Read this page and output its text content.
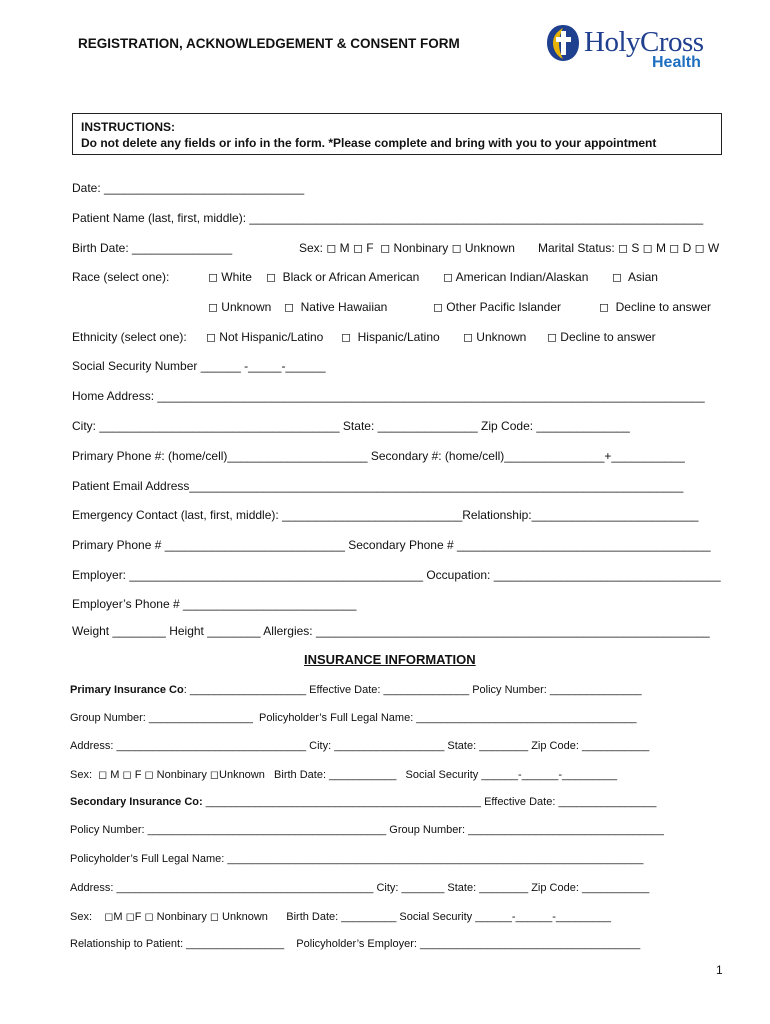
REGISTRATION, ACKNOWLEDGEMENT & CONSENT FORM

	HolyCross

Health

INSTRUCTIONS:
Do not delete any fields or info in the form. *Please complete and bring with you to your appointment
Date: ______________________________
Patient Name (last, first, middle): ____________________________________________________________________
Birth Date: _______________	Sex: ◻ M ◻ F  ◻ Nonbinary ◻ Unknown Marital Status: ◻ S ◻ M ◻ D ◻ W
Race (select one):	◻ White ◻  Black or African American ◻ American Indian/Alaskan ◻  Asian
◻ Unknown ◻  Native Hawaiian	◻ Other Pacific Islander	◻  Decline to answer
Ethnicity (select one): ◻ Not Hispanic/Latino ◻  Hispanic/Latino ◻ Unknown ◻ Decline to answer
Social Security Number ______ -_____-______
Home Address: __________________________________________________________________________________
City: ____________________________________ State: _______________ Zip Code: ______________
Primary Phone #: (home/cell)_____________________ Secondary #: (home/cell)_______________+___________
Patient Email Address__________________________________________________________________________
Emergency Contact (last, first, middle): ___________________________Relationship:_________________________
Primary Phone # ___________________________ Secondary Phone # ______________________________________
Employer: ____________________________________________ Occupation: __________________________________
Employer’s Phone # __________________________
Weight ________ Height ________ Allergies: ___________________________________________________________
INSURANCE INFORMATION
Primary Insurance Co: ___________________ Effective Date: ______________ Policy Number: _______________
Group Number: _________________  Policyholder’s Full Legal Name: ____________________________________
Address: _______________________________ City: __________________ State: ________ Zip Code: ___________
Sex:  ◻ M ◻ F ◻ Nonbinary ◻Unknown   Birth Date: ___________   Social Security ______-______-_________
Secondary Insurance Co: _____________________________________________ Effective Date: ________________
Policy Number: _______________________________________ Group Number: ________________________________
Policyholder’s Full Legal Name: ____________________________________________________________________
Address: __________________________________________ City: _______ State: ________ Zip Code: ___________
Sex:    ◻M ◻F ◻ Nonbinary ◻ Unknown      Birth Date: _________ Social Security ______-______-_________
Relationship to Patient: ________________    Policyholder’s Employer: ____________________________________
1
